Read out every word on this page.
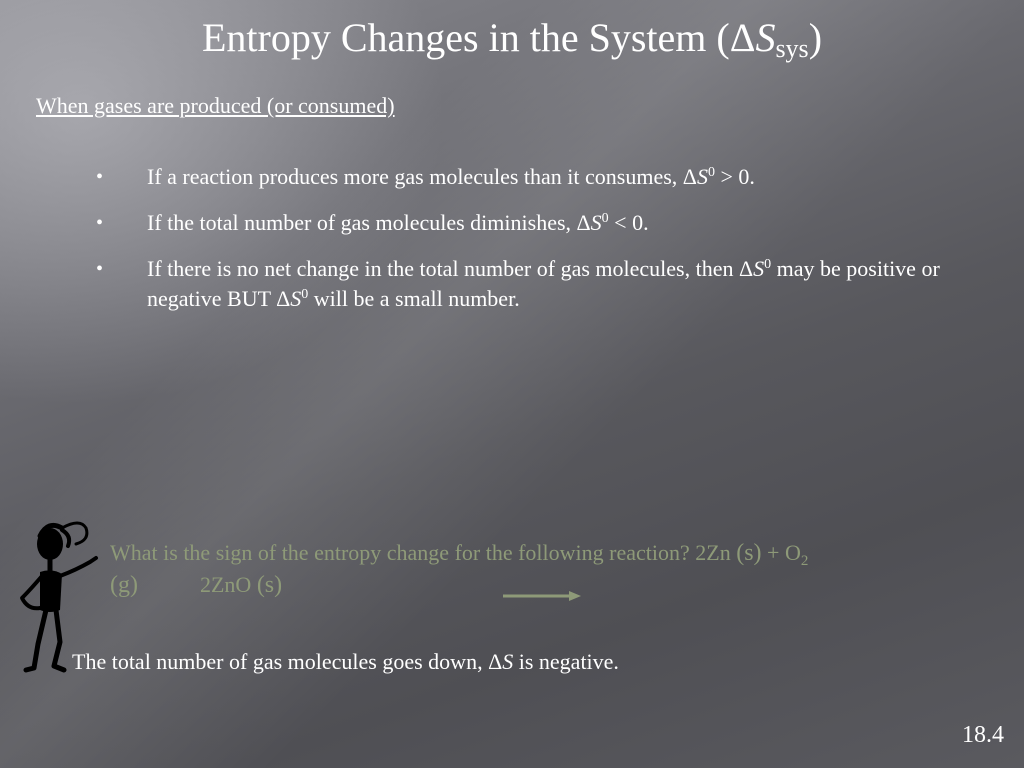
Entropy Changes in the System $(\Delta S_{sys})$
When gases are produced (or consumed)
• If a reaction produces more gas molecules than it consumes, $\Delta S^0 > 0$.
• If the total number of gas molecules diminishes, $\Delta S^0 < 0$.
• If there is no net change in the total number of gas molecules, then $\Delta S^0$ may be positive or negative BUT $\Delta S^0$ will be a small number.
What is the sign of the entropy change for the following reaction? 2Zn $(s) + O_2$
(g)	2ZnO (s)
The total number of gas molecules goes down, ΔS is negative.
18.4
